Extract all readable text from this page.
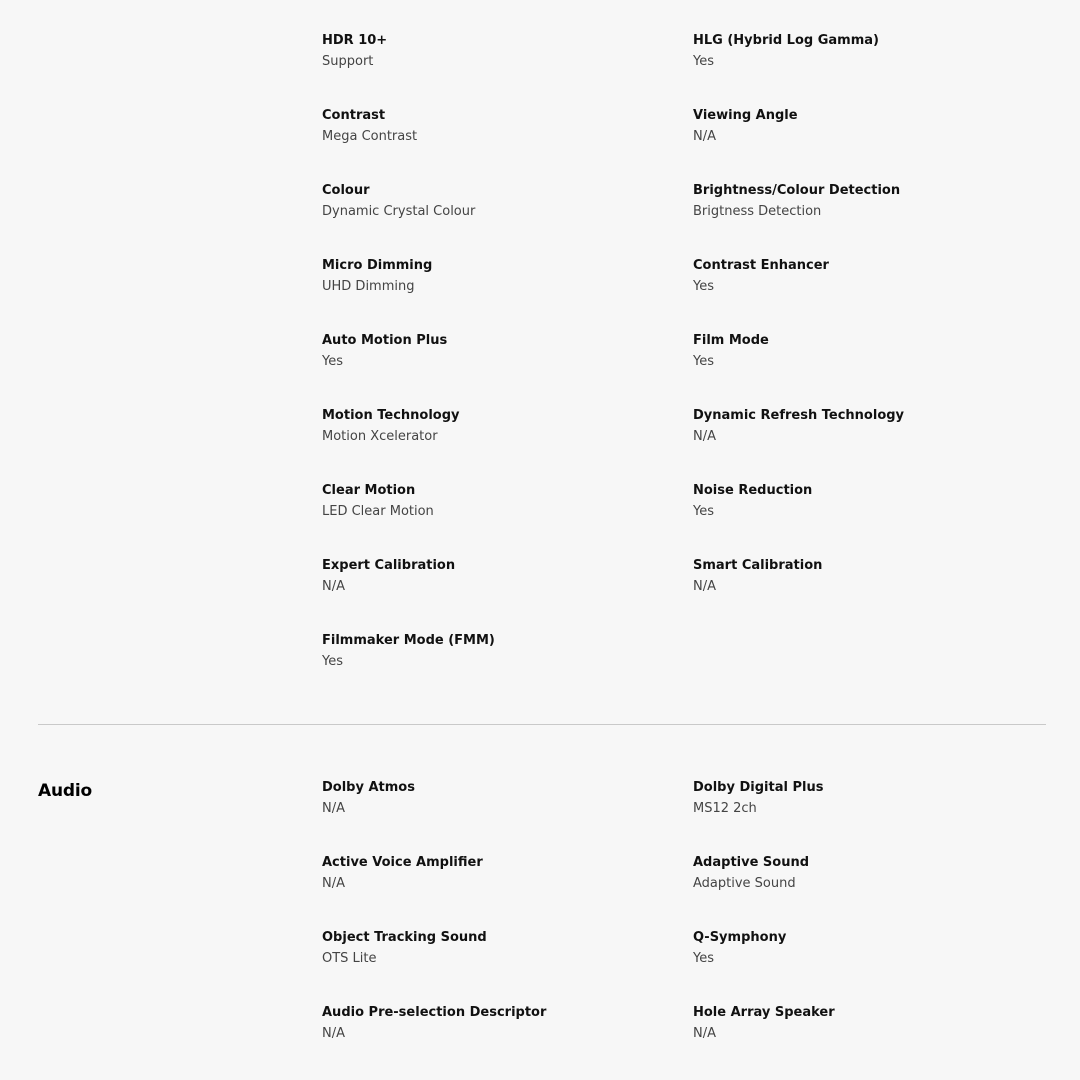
HDR 10+
Support
HLG (Hybrid Log Gamma)
Yes
Contrast
Mega Contrast
Viewing Angle
N/A
Colour
Dynamic Crystal Colour
Brightness/Colour Detection
Brigtness Detection
Micro Dimming
UHD Dimming
Contrast Enhancer
Yes
Auto Motion Plus
Yes
Film Mode
Yes
Motion Technology
Motion Xcelerator
Dynamic Refresh Technology
N/A
Clear Motion
LED Clear Motion
Noise Reduction
Yes
Expert Calibration
N/A
Smart Calibration
N/A
Filmmaker Mode (FMM)
Yes
Audio	Dolby Atmos
N/A
Dolby Digital Plus
MS12 2ch
Active Voice Amplifier
N/A
Adaptive Sound
Adaptive Sound
Object Tracking Sound
OTS Lite
Q-Symphony
Yes
Audio Pre-selection Descriptor
N/A
Hole Array Speaker
N/A
